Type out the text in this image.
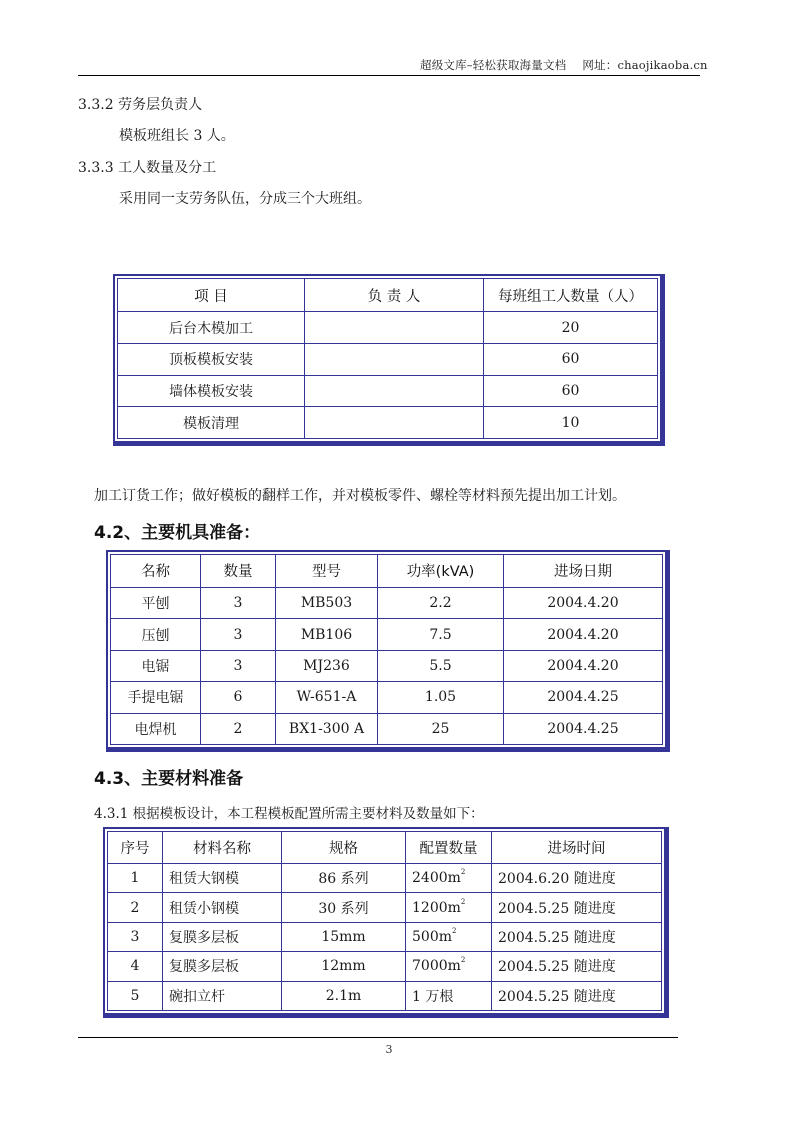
超级文库–轻松获取海量文档 网址：chaojikaoba.cn
3.3.2 劳务层负责人
模板班组长 3 人。
3.3.3 工人数量及分工
采用同一支劳务队伍，分成三个大班组。
项 目	负 责 人	每班组工人数量（人）
后台木模加工		20
顶板模板安装		60
墙体模板安装		60
模板清理		10
加工订货工作；做好模板的翻样工作，并对模板零件、螺栓等材料预先提出加工计划。
4.2、主要机具准备：
名称	数量	型号	功率(kVA)	进场日期
平刨	3	MB503	2.2	2004.4.20
压刨	3	MB106	7.5	2004.4.20
电锯	3	MJ236	5.5	2004.4.20
手提电锯	6	W-651-A	1.05	2004.4.25
电焊机	2	BX1-300 A	25	2004.4.25
4.3、主要材料准备
4.3.1 根据模板设计，本工程模板配置所需主要材料及数量如下：
序号	材料名称	规格	配置数量	进场时间
1	租赁大钢模	86 系列	$2400m^2$	2004.6.20 随进度
2	租赁小钢模	30 系列	$1200m^2$	2004.5.25 随进度
3	复膜多层板	15mm	$500m^2$	2004.5.25 随进度
4	复膜多层板	12mm	$7000m^2$	2004.5.25 随进度
5	碗扣立杆	2.1m	1 万根	2004.5.25 随进度
3
